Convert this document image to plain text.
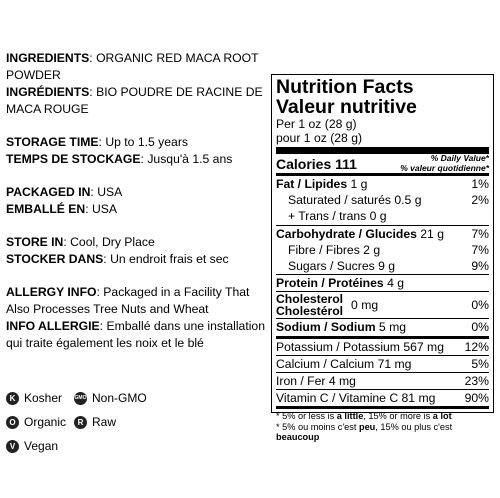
INGREDIENTS: ORGANIC RED MACA ROOT POWDER

INGRÉDIENTS: BIO POUDRE DE RACINE DE MACA ROUGE

STORAGE TIME: Up to 1.5 years

TEMPS DE STOCKAGE: Jusqu'à 1.5 ans

PACKAGED IN: USA

EMBALLÉ EN: USA

STORE IN: Cool, Dry Place

STOCKER DANS: Un endroit frais et sec

ALLERGY INFO: Packaged in a Facility That Also Processes Tree Nuts and Wheat

INFO ALLERGIE: Emballé dans une installation qui traite également les noix et le blé

K Kosher GMO Non-GMO
O Organic	R Raw
V Vegan
Nutrition Facts
Valeur nutritive
Per 1 oz (28 g)
pour 1 oz (28 g)
Calories 111	% Daily Value*
% valeur quotidienne*
Fat / Lipides 1 g	1%
Saturated / saturés 0.5 g	2%
+ Trans / trans 0 g
Carbohydrate / Glucides 21 g 7%
Fibre / Fibres 2 g	7%
Sugars / Sucres 9 g	9%
Protein / Protéines 4 g
Cholesterol
Cholestérol 0 mg	0%
Sodium / Sodium 5 mg	0%
Potassium / Potassium 567 mg 12%
Calcium / Calcium 71 mg	5%
Iron / Fer 4 mg	23%
Vitamin C / Vitamine C 81 mg 90%
* 5% or less is a little, 15% or more is a lot
* 5% ou moins c'est peu, 15% ou plus c'est beaucoup
